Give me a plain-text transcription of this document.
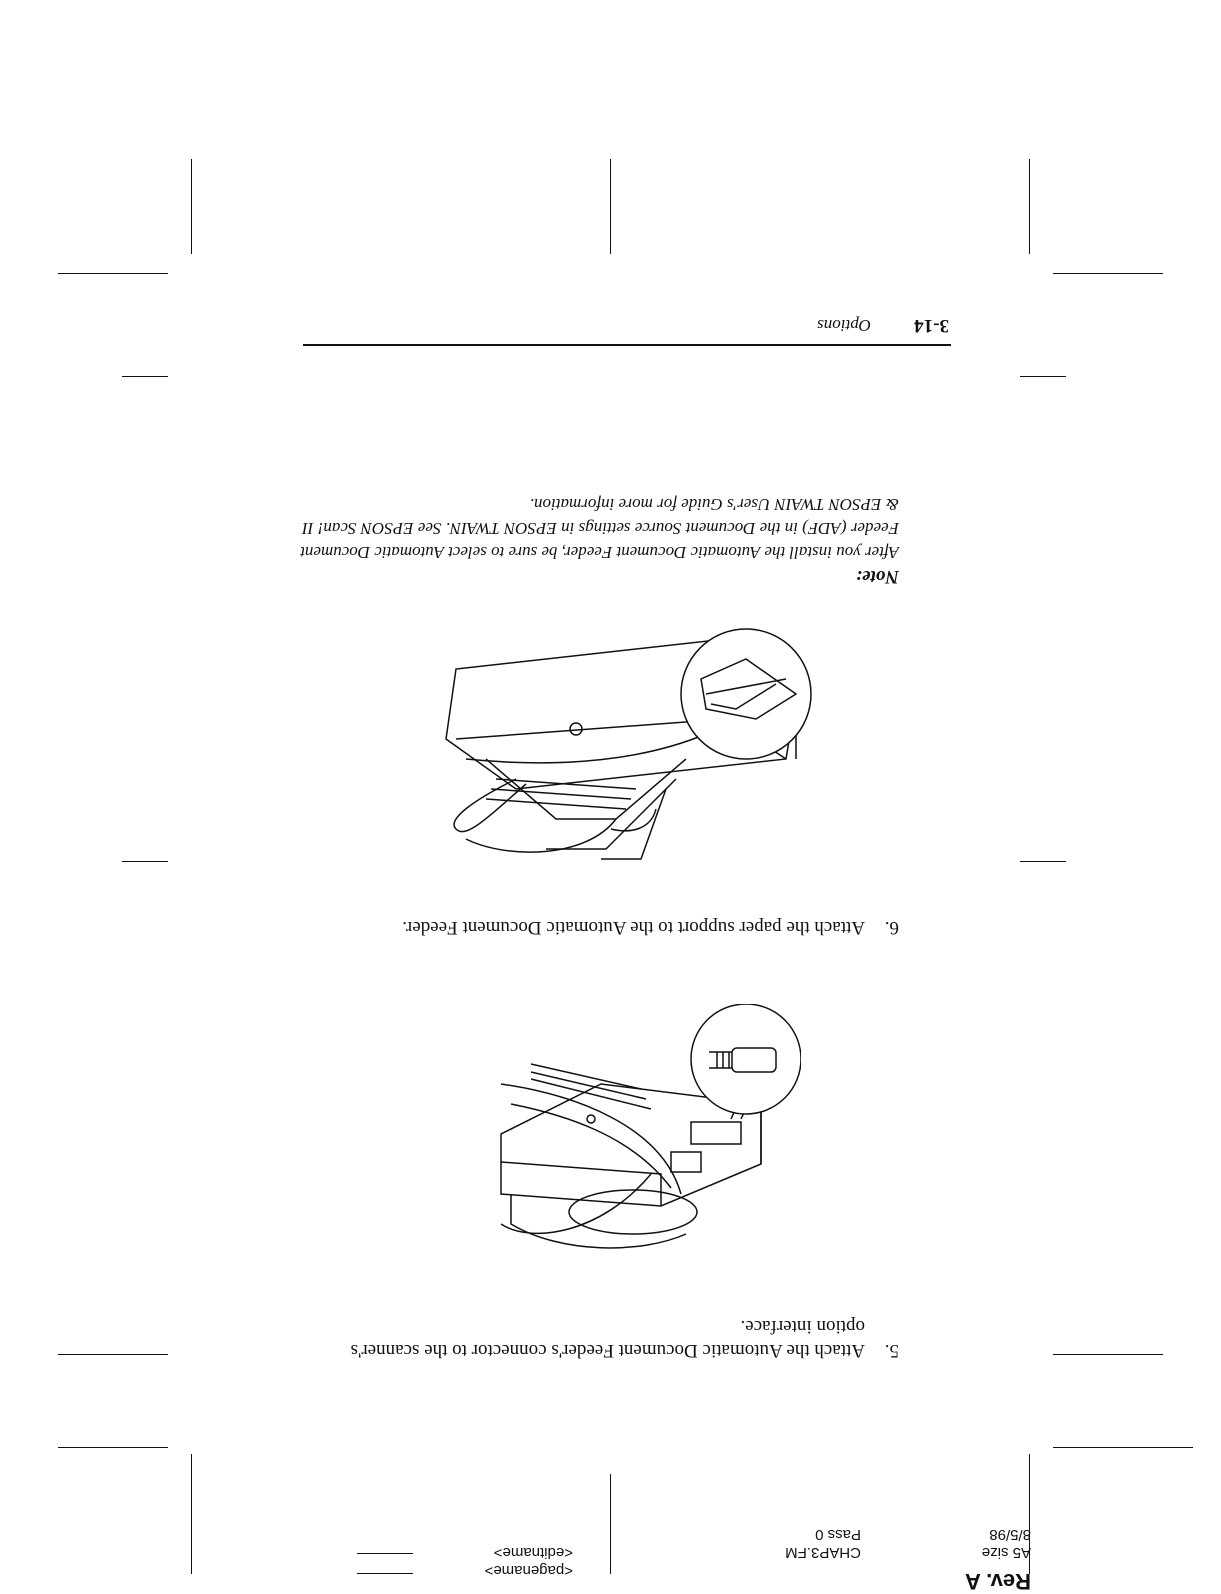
Rev. A
A5 size
8/5/98
CHAP3.FM
Pass 0
<pagename>
<editname>
5.
Attach the Automatic Document Feeder's connector to the scanner's option interface.
6.
Attach the paper support to the Automatic Document Feeder.
Note:
After you install the Automatic Document Feeder, be sure to select Automatic Document Feeder (ADF) in the Document Source settings in EPSON TWAIN. See EPSON Scan! II & EPSON TWAIN User's Guide for more information.
3-14
Options
